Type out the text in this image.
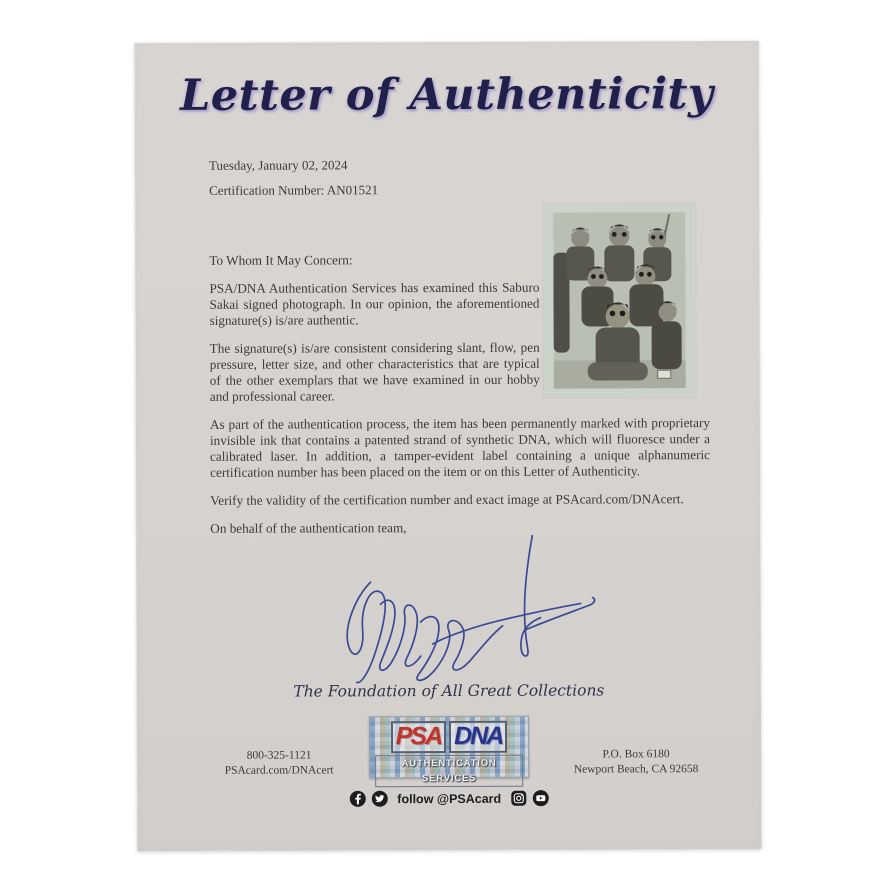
Letter of Authenticity
Tuesday, January 02, 2024
Certification Number: AN01521

To Whom It May Concern:

PSA/DNA Authentication Services has examined this Saburo Sakai signed photograph. In our opinion, the aforementioned signature(s) is/are authentic.

The signature(s) is/are consistent considering slant, flow, pen pressure, letter size, and other characteristics that are typical of the other exemplars that we have examined in our hobby and professional career.

As part of the authentication process, the item has been permanently marked with proprietary invisible ink that contains a patented strand of synthetic DNA, which will fluoresce under a calibrated laser. In addition, a tamper-evident label containing a unique alphanumeric certification number has been placed on the item or on this Letter of Authenticity.

Verify the validity of the certification number and exact image at PSAcard.com/DNAcert.

On behalf of the authentication team,

The Foundation of All Great Collections
PSA DNA
AUTHENTICATION SERVICES
follow @PSAcard
800-325-1121
PSAcard.com/DNAcert
P.O. Box 6180
Newport Beach, CA 92658
